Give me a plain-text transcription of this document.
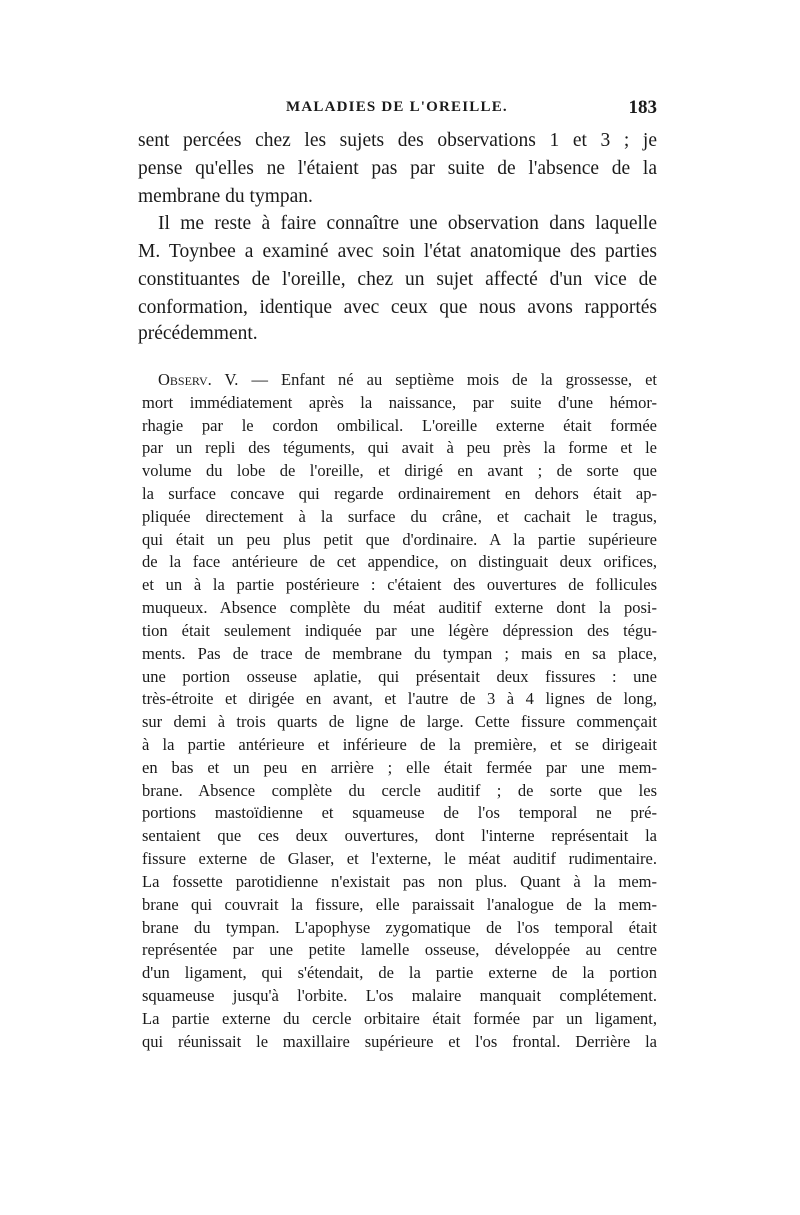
MALADIES DE L'OREILLE.	183
sent percées chez les sujets des observations 1 et 3 ; je
pense qu'elles ne l'étaient pas par suite de l'absence de la
membrane du tympan.
Il me reste à faire connaître une observation dans laquelle
M. Toynbee a examiné avec soin l'état anatomique des parties
constituantes de l'oreille, chez un sujet affecté d'un vice de
conformation, identique avec ceux que nous avons rapportés
précédemment.
Observ. V. — Enfant né au septième mois de la grossesse, et
mort immédiatement après la naissance, par suite d'une hémor-
rhagie par le cordon ombilical. L'oreille externe était formée
par un repli des téguments, qui avait à peu près la forme et le
volume du lobe de l'oreille, et dirigé en avant ; de sorte que
la surface concave qui regarde ordinairement en dehors était ap-
pliquée directement à la surface du crâne, et cachait le tragus,
qui était un peu plus petit que d'ordinaire. A la partie supérieure
de la face antérieure de cet appendice, on distinguait deux orifices,
et un à la partie postérieure : c'étaient des ouvertures de follicules
muqueux. Absence complète du méat auditif externe dont la posi-
tion était seulement indiquée par une légère dépression des tégu-
ments. Pas de trace de membrane du tympan ; mais en sa place,
une portion osseuse aplatie, qui présentait deux fissures : une
très-étroite et dirigée en avant, et l'autre de 3 à 4 lignes de long,
sur demi à trois quarts de ligne de large. Cette fissure commençait
à la partie antérieure et inférieure de la première, et se dirigeait
en bas et un peu en arrière ; elle était fermée par une mem-
brane. Absence complète du cercle auditif ; de sorte que les
portions mastoïdienne et squameuse de l'os temporal ne pré-
sentaient que ces deux ouvertures, dont l'interne représentait la
fissure externe de Glaser, et l'externe, le méat auditif rudimentaire.
La fossette parotidienne n'existait pas non plus. Quant à la mem-
brane qui couvrait la fissure, elle paraissait l'analogue de la mem-
brane du tympan. L'apophyse zygomatique de l'os temporal était
représentée par une petite lamelle osseuse, développée au centre
d'un ligament, qui s'étendait, de la partie externe de la portion
squameuse jusqu'à l'orbite. L'os malaire manquait complétement.
La partie externe du cercle orbitaire était formée par un ligament,
qui réunissait le maxillaire supérieure et l'os frontal. Derrière la
